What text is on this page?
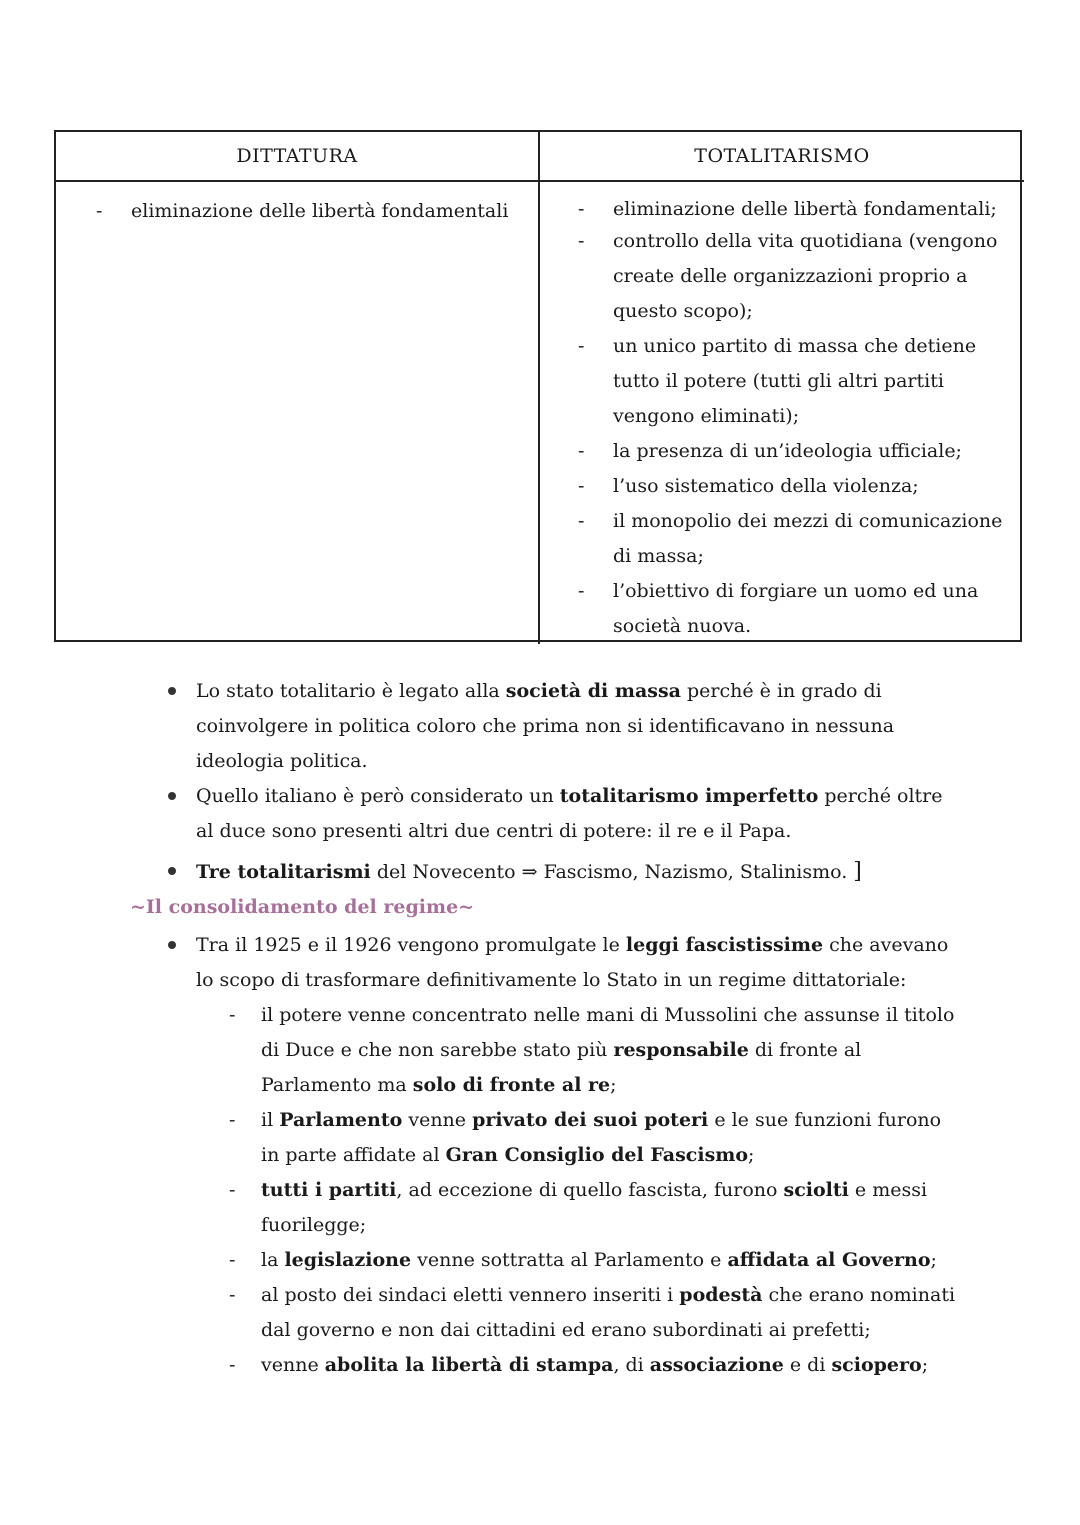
DITTATURA	TOTALITARISMO
- eliminazione delle libertà fondamentali	- eliminazione delle libertà fondamentali;
- controllo della vita quotidiana (vengono create delle organizzazioni proprio a questo scopo);
- un unico partito di massa che detiene tutto il potere (tutti gli altri partiti vengono eliminati);
- la presenza di un’ideologia ufficiale;
- l’uso sistematico della violenza;
- il monopolio dei mezzi di comunicazione di massa;
- l’obiettivo di forgiare un uomo ed una società nuova.
Lo stato totalitario è legato alla società di massa perché è in grado di coinvolgere in politica coloro che prima non si identificavano in nessuna ideologia politica.
Quello italiano è però considerato un totalitarismo imperfetto perché oltre al duce sono presenti altri due centri di potere: il re e il Papa.
Tre totalitarismi del Novecento ⇒ Fascismo, Nazismo, Stalinismo. ]
~Il consolidamento del regime~
Tra il 1925 e il 1926 vengono promulgate le leggi fascistissime che avevano lo scopo di trasformare definitivamente lo Stato in un regime dittatoriale:
- il potere venne concentrato nelle mani di Mussolini che assunse il titolo di Duce e che non sarebbe stato più responsabile di fronte al Parlamento ma solo di fronte al re;
- il Parlamento venne privato dei suoi poteri e le sue funzioni furono in parte affidate al Gran Consiglio del Fascismo;
- tutti i partiti, ad eccezione di quello fascista, furono sciolti e messi fuorilegge;
- la legislazione venne sottratta al Parlamento e affidata al Governo;
- al posto dei sindaci eletti vennero inseriti i podestà che erano nominati dal governo e non dai cittadini ed erano subordinati ai prefetti;
- venne abolita la libertà di stampa, di associazione e di sciopero;
